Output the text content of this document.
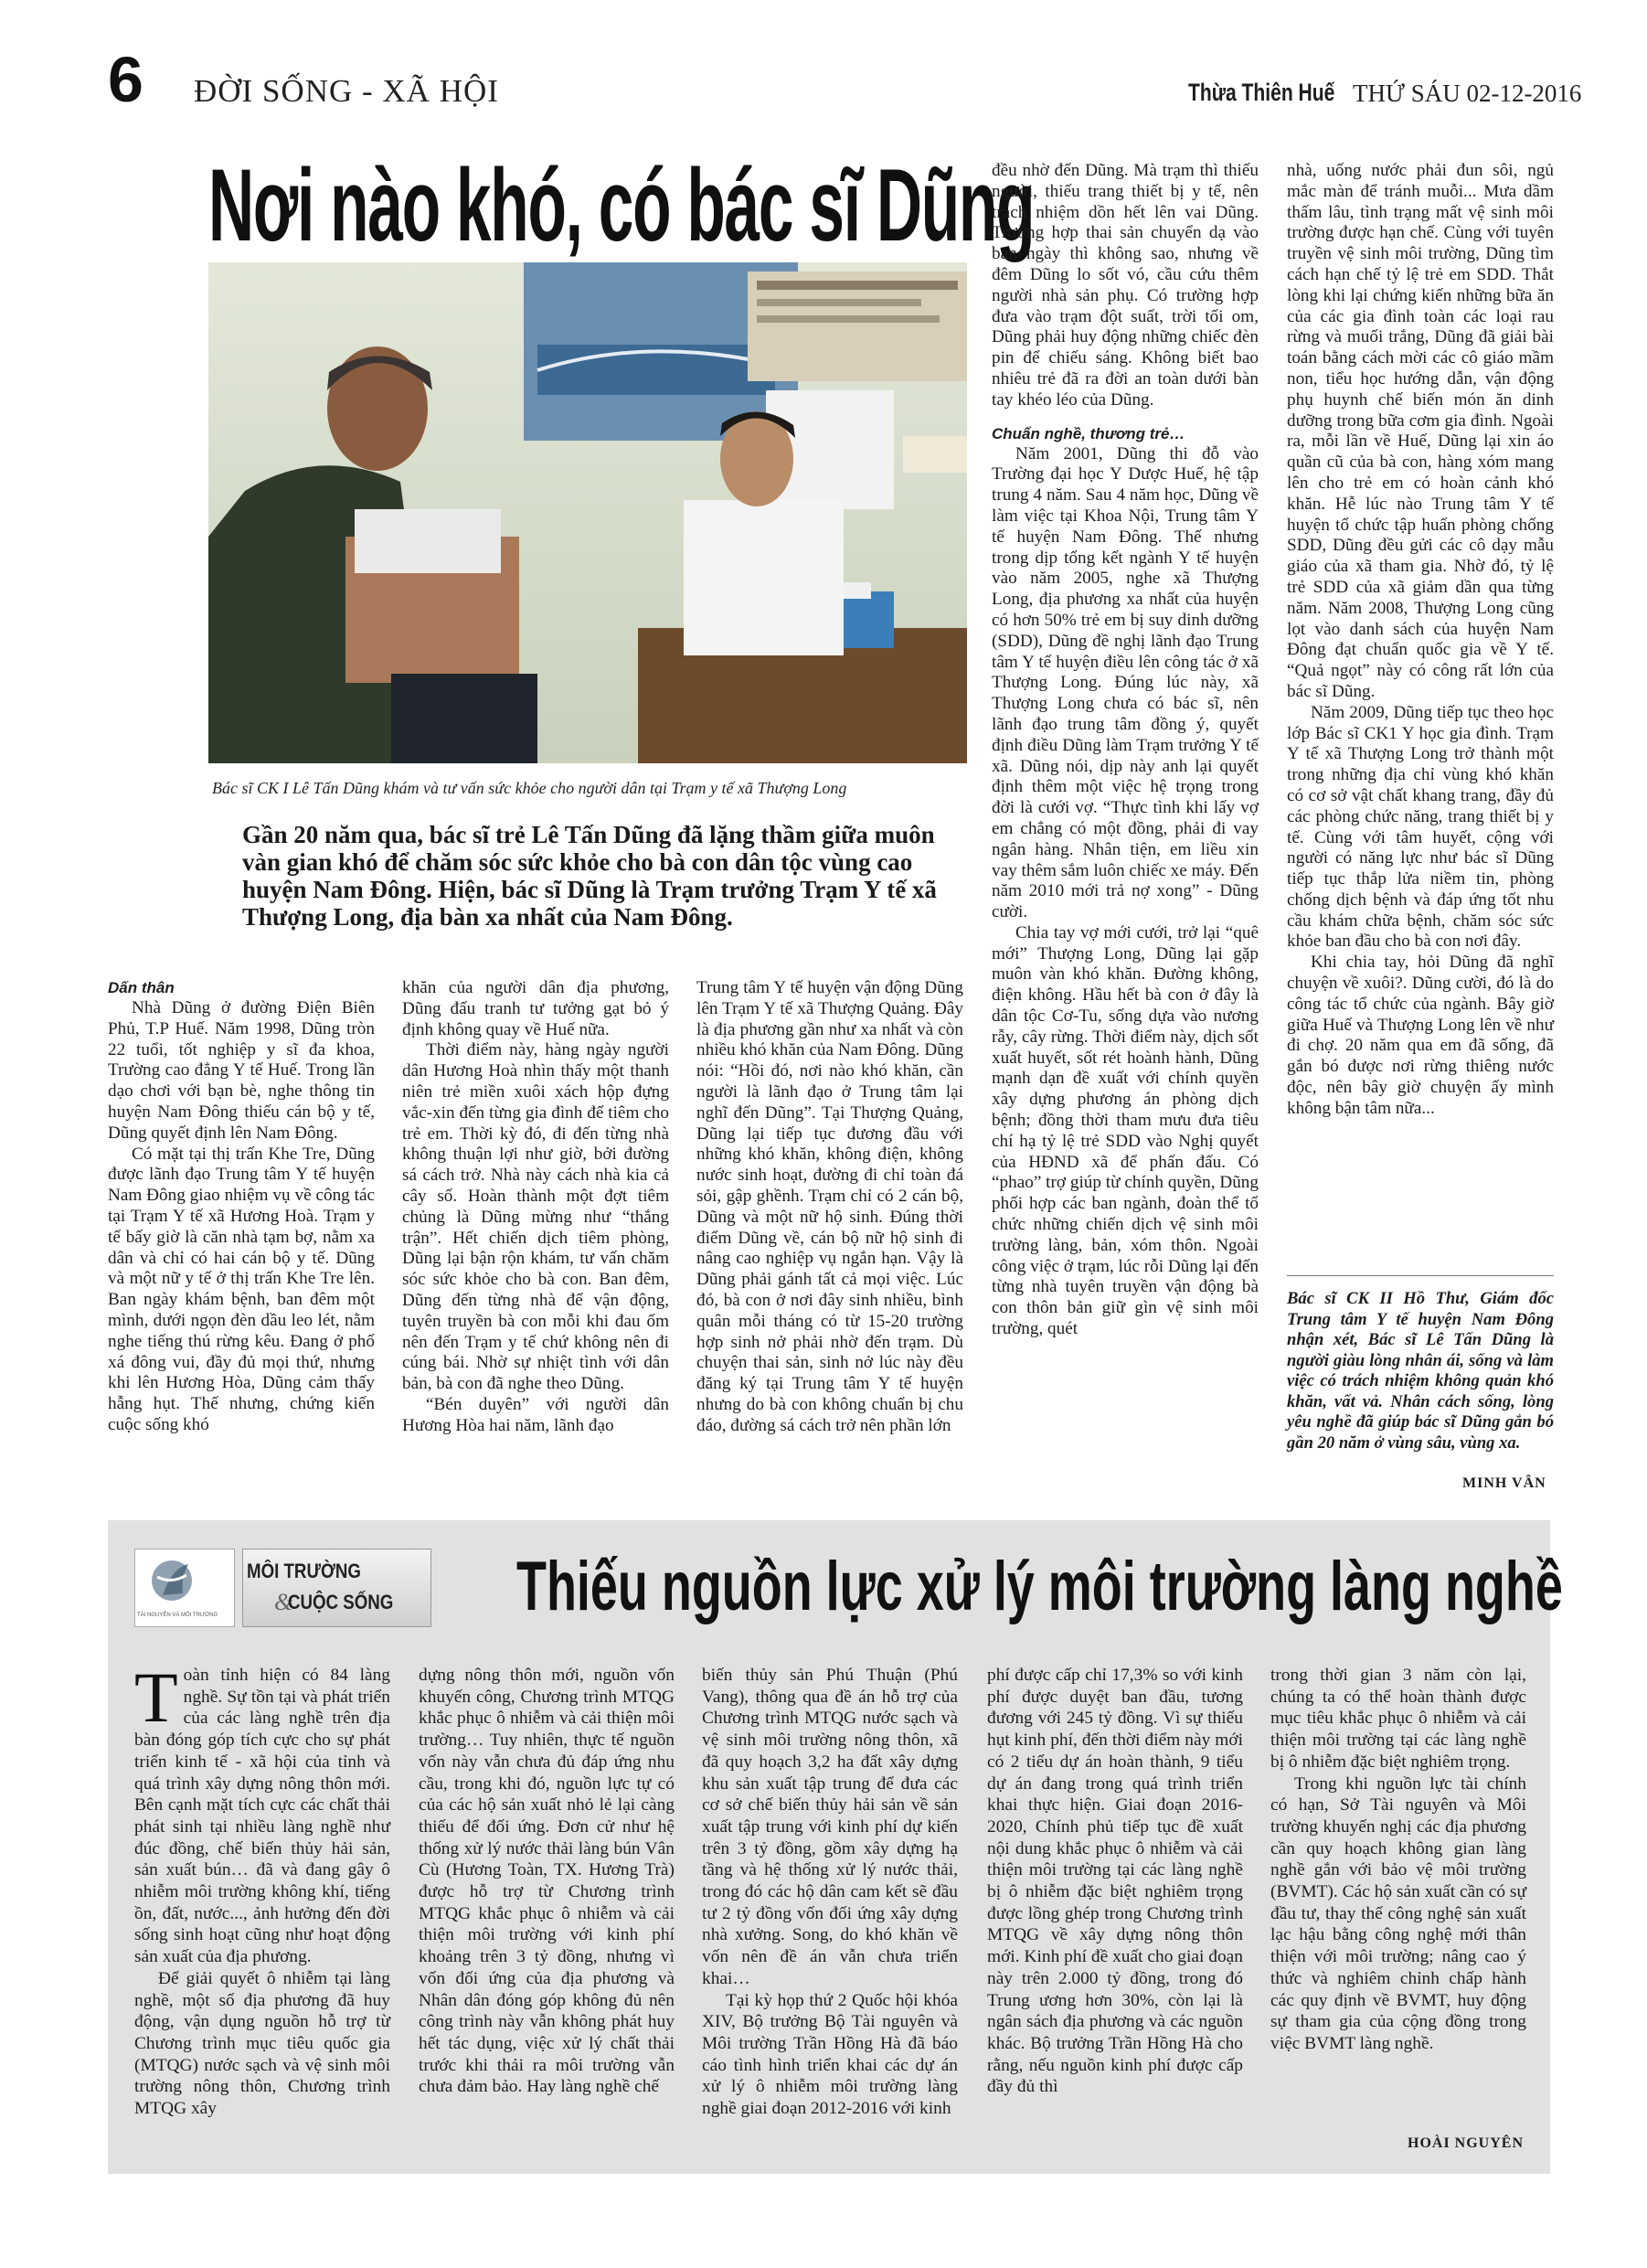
6 ĐỜI SỐNG - XÃ HỘI	Thừa Thiên Huế THỨ SÁU 02-12-2016
Nơi nào khó, có bác sĩ Dũng
Bác sĩ CK I Lê Tấn Dũng khám và tư vấn sức khỏe cho người dân tại Trạm y tế xã Thượng Long
Gần 20 năm qua, bác sĩ trẻ Lê Tấn Dũng đã lặng thầm giữa muôn vàn gian khó để chăm sóc sức khỏe cho bà con dân tộc vùng cao huyện Nam Đông. Hiện, bác sĩ Dũng là Trạm trưởng Trạm Y tế xã Thượng Long, địa bàn xa nhất của Nam Đông.
Dấn thân

Nhà Dũng ở đường Điện Biên Phủ, T.P Huế. Năm 1998, Dũng tròn 22 tuổi, tốt nghiệp y sĩ đa khoa, Trường cao đẳng Y tế Huế. Trong lần dạo chơi với bạn bè, nghe thông tin huyện Nam Đông thiếu cán bộ y tế, Dũng quyết định lên Nam Đông.

Có mặt tại thị trấn Khe Tre, Dũng được lãnh đạo Trung tâm Y tế huyện Nam Đông giao nhiệm vụ về công tác tại Trạm Y tế xã Hương Hoà. Trạm y tế bấy giờ là căn nhà tạm bợ, nằm xa dân và chỉ có hai cán bộ y tế. Dũng và một nữ y tế ở thị trấn Khe Tre lên. Ban ngày khám bệnh, ban đêm một mình, dưới ngọn đèn dầu leo lét, nằm nghe tiếng thú rừng kêu. Đang ở phố xá đông vui, đầy đủ mọi thứ, nhưng khi lên Hương Hòa, Dũng cảm thấy hẫng hụt. Thế nhưng, chứng kiến cuộc sống khó

khăn của người dân địa phương, Dũng đấu tranh tư tưởng gạt bỏ ý định không quay về Huế nữa.

Thời điểm này, hàng ngày người dân Hương Hoà nhìn thấy một thanh niên trẻ miền xuôi xách hộp đựng vắc-xin đến từng gia đình để tiêm cho trẻ em. Thời kỳ đó, đi đến từng nhà không thuận lợi như giờ, bởi đường sá cách trở. Nhà này cách nhà kia cả cây số. Hoàn thành một đợt tiêm chủng là Dũng mừng như “thắng trận”. Hết chiến dịch tiêm phòng, Dũng lại bận rộn khám, tư vấn chăm sóc sức khỏe cho bà con. Ban đêm, Dũng đến từng nhà để vận động, tuyên truyền bà con mỗi khi đau ốm nên đến Trạm y tế chứ không nên đi cúng bái. Nhờ sự nhiệt tình với dân bản, bà con đã nghe theo Dũng.

“Bén duyên” với người dân Hương Hòa hai năm, lãnh đạo

Trung tâm Y tế huyện vận động Dũng lên Trạm Y tế xã Thượng Quảng. Đây là địa phương gần như xa nhất và còn nhiều khó khăn của Nam Đông. Dũng nói: “Hồi đó, nơi nào khó khăn, cần người là lãnh đạo ở Trung tâm lại nghĩ đến Dũng”. Tại Thượng Quảng, Dũng lại tiếp tục đương đầu với những khó khăn, không điện, không nước sinh hoạt, đường đi chỉ toàn đá sỏi, gập ghềnh. Trạm chỉ có 2 cán bộ, Dũng và một nữ hộ sinh. Đúng thời điểm Dũng về, cán bộ nữ hộ sinh đi nâng cao nghiệp vụ ngắn hạn. Vậy là Dũng phải gánh tất cả mọi việc. Lúc đó, bà con ở nơi đây sinh nhiều, bình quân mỗi tháng có từ 15-20 trường hợp sinh nở phải nhờ đến trạm. Dù chuyện thai sản, sinh nở lúc này đều đăng ký tại Trung tâm Y tế huyện nhưng do bà con không chuẩn bị chu đáo, đường sá cách trở nên phần lớn

đều nhờ đến Dũng. Mà trạm thì thiếu người, thiếu trang thiết bị y tế, nên trách nhiệm dồn hết lên vai Dũng. Trường hợp thai sản chuyển dạ vào ban ngày thì không sao, nhưng về đêm Dũng lo sốt vó, cầu cứu thêm người nhà sản phụ. Có trường hợp đưa vào trạm đột suất, trời tối om, Dũng phải huy động những chiếc đèn pin để chiếu sáng. Không biết bao nhiêu trẻ đã ra đời an toàn dưới bàn tay khéo léo của Dũng.

Chuẩn nghề, thương trẻ…

Năm 2001, Dũng thi đỗ vào Trường đại học Y Dược Huế, hệ tập trung 4 năm. Sau 4 năm học, Dũng về làm việc tại Khoa Nội, Trung tâm Y tế huyện Nam Đông. Thế nhưng trong dịp tổng kết ngành Y tế huyện vào năm 2005, nghe xã Thượng Long, địa phương xa nhất của huyện có hơn 50% trẻ em bị suy dinh dưỡng (SDD), Dũng đề nghị lãnh đạo Trung tâm Y tế huyện điều lên công tác ở xã Thượng Long. Đúng lúc này, xã Thượng Long chưa có bác sĩ, nên lãnh đạo trung tâm đồng ý, quyết định điều Dũng làm Trạm trưởng Y tế xã. Dũng nói, dịp này anh lại quyết định thêm một việc hệ trọng trong đời là cưới vợ. “Thực tình khi lấy vợ em chẳng có một đồng, phải đi vay ngân hàng. Nhân tiện, em liều xin vay thêm sắm luôn chiếc xe máy. Đến năm 2010 mới trả nợ xong” - Dũng cười.

Chia tay vợ mới cưới, trở lại “quê mới” Thượng Long, Dũng lại gặp muôn vàn khó khăn. Đường không, điện không. Hầu hết bà con ở đây là dân tộc Cơ-Tu, sống dựa vào nương rẫy, cây rừng. Thời điểm này, dịch sốt xuất huyết, sốt rét hoành hành, Dũng mạnh dạn đề xuất với chính quyền xây dựng phương án phòng dịch bệnh; đồng thời tham mưu đưa tiêu chí hạ tỷ lệ trẻ SDD vào Nghị quyết của HĐND xã để phấn đấu. Có “phao” trợ giúp từ chính quyền, Dũng phối hợp các ban ngành, đoàn thể tổ chức những chiến dịch vệ sinh môi trường làng, bản, xóm thôn. Ngoài công việc ở trạm, lúc rỗi Dũng lại đến từng nhà tuyên truyền vận động bà con thôn bản giữ gìn vệ sinh môi trường, quét

nhà, uống nước phải đun sôi, ngủ mắc màn để tránh muỗi... Mưa dầm thấm lâu, tình trạng mất vệ sinh môi trường được hạn chế. Cùng với tuyên truyền vệ sinh môi trường, Dũng tìm cách hạn chế tỷ lệ trẻ em SDD. Thắt lòng khi lại chứng kiến những bữa ăn của các gia đình toàn các loại rau rừng và muối trắng, Dũng đã giải bài toán bằng cách mời các cô giáo mầm non, tiểu học hướng dẫn, vận động phụ huynh chế biến món ăn dinh dưỡng trong bữa cơm gia đình. Ngoài ra, mỗi lần về Huế, Dũng lại xin áo quần cũ của bà con, hàng xóm mang lên cho trẻ em có hoàn cảnh khó khăn. Hễ lúc nào Trung tâm Y tế huyện tổ chức tập huấn phòng chống SDD, Dũng đều gửi các cô dạy mẫu giáo của xã tham gia. Nhờ đó, tỷ lệ trẻ SDD của xã giảm dần qua từng năm. Năm 2008, Thượng Long cũng lọt vào danh sách của huyện Nam Đông đạt chuẩn quốc gia về Y tế. “Quả ngọt” này có công rất lớn của bác sĩ Dũng.

Năm 2009, Dũng tiếp tục theo học lớp Bác sĩ CK1 Y học gia đình. Trạm Y tế xã Thượng Long trở thành một trong những địa chỉ vùng khó khăn có cơ sở vật chất khang trang, đầy đủ các phòng chức năng, trang thiết bị y tế. Cùng với tâm huyết, cộng với người có năng lực như bác sĩ Dũng tiếp tục thắp lửa niềm tin, phòng chống dịch bệnh và đáp ứng tốt nhu cầu khám chữa bệnh, chăm sóc sức khỏe ban đầu cho bà con nơi đây.

Khi chia tay, hỏi Dũng đã nghĩ chuyện về xuôi?. Dũng cười, đó là do công tác tổ chức của ngành. Bây giờ giữa Huế và Thượng Long lên về như đi chợ. 20 năm qua em đã sống, đã gắn bó được nơi rừng thiêng nước độc, nên bây giờ chuyện ấy mình không bận tâm nữa...

Bác sĩ CK II Hồ Thư, Giám đốc Trung tâm Y tế huyện Nam Đông nhận xét, Bác sĩ Lê Tấn Dũng là người giàu lòng nhân ái, sống và làm việc có trách nhiệm không quản khó khăn, vất vả. Nhân cách sống, lòng yêu nghề đã giúp bác sĩ Dũng gắn bó gần 20 năm ở vùng sâu, vùng xa.
MINH VÂN
TÀI NGUYÊN VÀ MÔI TRƯỜNG
MÔI TRƯỜNG
&
CUỘC SỐNG Thiếu nguồn lực xử lý môi trường làng nghề

Toàn tỉnh hiện có 84 làng nghề. Sự tồn tại và phát triển của các làng nghề trên địa bàn đóng góp tích cực cho sự phát triển kinh tế - xã hội của tỉnh và quá trình xây dựng nông thôn mới. Bên cạnh mặt tích cực các chất thải phát sinh tại nhiều làng nghề như đúc đồng, chế biến thủy hải sản, sản xuất bún… đã và đang gây ô nhiễm môi trường không khí, tiếng ồn, đất, nước..., ảnh hưởng đến đời sống sinh hoạt cũng như hoạt động sản xuất của địa phương.

Để giải quyết ô nhiễm tại làng nghề, một số địa phương đã huy động, vận dụng nguồn hỗ trợ từ Chương trình mục tiêu quốc gia (MTQG) nước sạch và vệ sinh môi trường nông thôn, Chương trình MTQG xây

dựng nông thôn mới, nguồn vốn khuyến công, Chương trình MTQG khắc phục ô nhiễm và cải thiện môi trường… Tuy nhiên, thực tế nguồn vốn này vẫn chưa đủ đáp ứng nhu cầu, trong khi đó, nguồn lực tự có của các hộ sản xuất nhỏ lẻ lại càng thiếu để đối ứng. Đơn cử như hệ thống xử lý nước thải làng bún Vân Cù (Hương Toàn, TX. Hương Trà) được hỗ trợ từ Chương trình MTQG khắc phục ô nhiễm và cải thiện môi trường với kinh phí khoảng trên 3 tỷ đồng, nhưng vì vốn đối ứng của địa phương và Nhân dân đóng góp không đủ nên công trình này vẫn không phát huy hết tác dụng, việc xử lý chất thải trước khi thải ra môi trường vẫn chưa đảm bảo. Hay làng nghề chế

biến thủy sản Phú Thuận (Phú Vang), thông qua đề án hỗ trợ của Chương trình MTQG nước sạch và vệ sinh môi trường nông thôn, xã đã quy hoạch 3,2 ha đất xây dựng khu sản xuất tập trung để đưa các cơ sở chế biến thủy hải sản về sản xuất tập trung với kinh phí dự kiến trên 3 tỷ đồng, gồm xây dựng hạ tầng và hệ thống xử lý nước thải, trong đó các hộ dân cam kết sẽ đầu tư 2 tỷ đồng vốn đối ứng xây dựng nhà xưởng. Song, do khó khăn về vốn nên đề án vẫn chưa triển khai…

Tại kỳ họp thứ 2 Quốc hội khóa XIV, Bộ trưởng Bộ Tài nguyên và Môi trường Trần Hồng Hà đã báo cáo tình hình triển khai các dự án xử lý ô nhiễm môi trường làng nghề giai đoạn 2012-2016 với kinh

phí được cấp chỉ 17,3% so với kinh phí được duyệt ban đầu, tương đương với 245 tỷ đồng. Vì sự thiếu hụt kinh phí, đến thời điểm này mới có 2 tiểu dự án hoàn thành, 9 tiểu dự án đang trong quá trình triển khai thực hiện. Giai đoạn 2016-2020, Chính phủ tiếp tục đề xuất nội dung khắc phục ô nhiễm và cải thiện môi trường tại các làng nghề bị ô nhiễm đặc biệt nghiêm trọng được lồng ghép trong Chương trình MTQG về xây dựng nông thôn mới. Kinh phí đề xuất cho giai đoạn này trên 2.000 tỷ đồng, trong đó Trung ương hơn 30%, còn lại là ngân sách địa phương và các nguồn khác. Bộ trưởng Trần Hồng Hà cho rằng, nếu nguồn kinh phí được cấp đầy đủ thì

trong thời gian 3 năm còn lại, chúng ta có thể hoàn thành được mục tiêu khắc phục ô nhiễm và cải thiện môi trường tại các làng nghề bị ô nhiễm đặc biệt nghiêm trọng.

Trong khi nguồn lực tài chính có hạn, Sở Tài nguyên và Môi trường khuyến nghị các địa phương cần quy hoạch không gian làng nghề gắn với bảo vệ môi trường (BVMT). Các hộ sản xuất cần có sự đầu tư, thay thế công nghệ sản xuất lạc hậu bằng công nghệ mới thân thiện với môi trường; nâng cao ý thức và nghiêm chỉnh chấp hành các quy định về BVMT, huy động sự tham gia của cộng đồng trong việc BVMT làng nghề.

HOÀI NGUYÊN
